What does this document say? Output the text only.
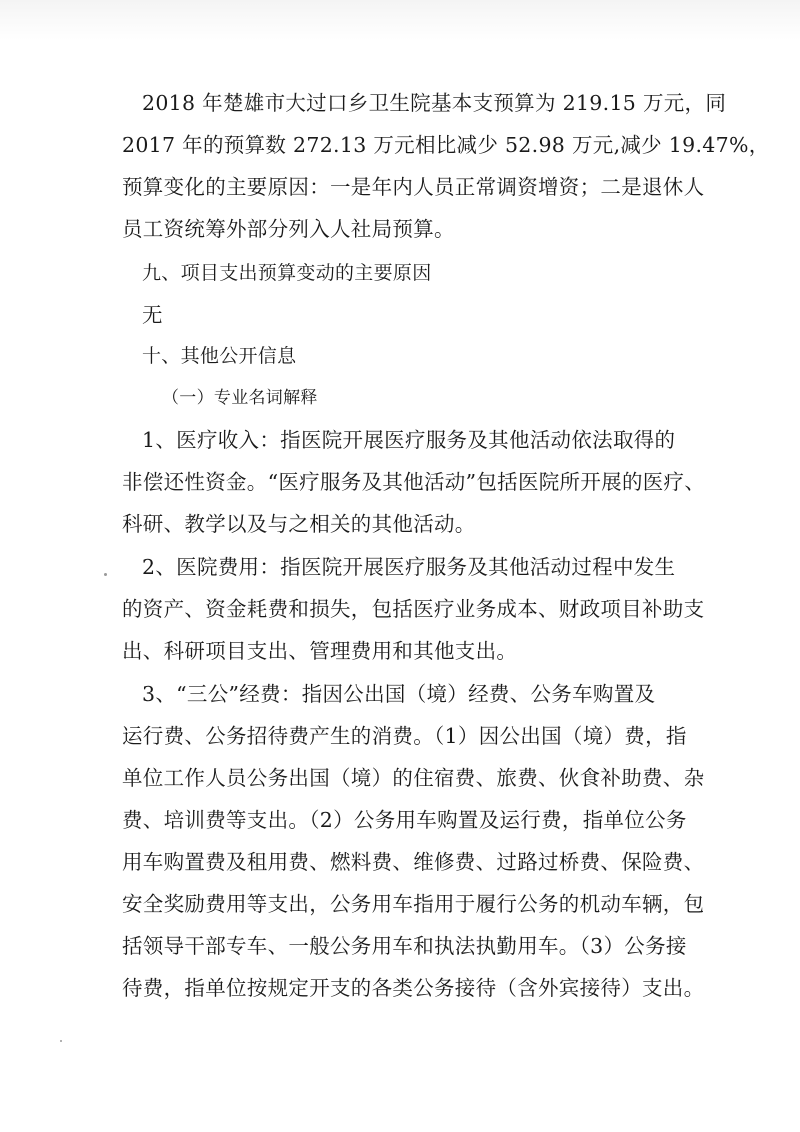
2018 年楚雄市大过口乡卫生院基本支预算为 219.15 万元，同
2017 年的预算数 272.13 万元相比减少 52.98 万元,减少 19.47%，
预算变化的主要原因：一是年内人员正常调资增资；二是退休人
员工资统筹外部分列入人社局预算。
九、项目支出预算变动的主要原因
无
十、其他公开信息
（一）专业名词解释
1、医疗收入：指医院开展医疗服务及其他活动依法取得的
非偿还性资金。“医疗服务及其他活动”包括医院所开展的医疗、
科研、教学以及与之相关的其他活动。
2、医院费用：指医院开展医疗服务及其他活动过程中发生
的资产、资金耗费和损失，包括医疗业务成本、财政项目补助支
出、科研项目支出、管理费用和其他支出。
3、“三公”经费：指因公出国（境）经费、公务车购置及
运行费、公务招待费产生的消费。（1）因公出国（境）费，指
单位工作人员公务出国（境）的住宿费、旅费、伙食补助费、杂
费、培训费等支出。（2）公务用车购置及运行费，指单位公务
用车购置费及租用费、燃料费、维修费、过路过桥费、保险费、
安全奖励费用等支出，公务用车指用于履行公务的机动车辆，包
括领导干部专车、一般公务用车和执法执勤用车。（3）公务接
待费，指单位按规定开支的各类公务接待（含外宾接待）支出。
